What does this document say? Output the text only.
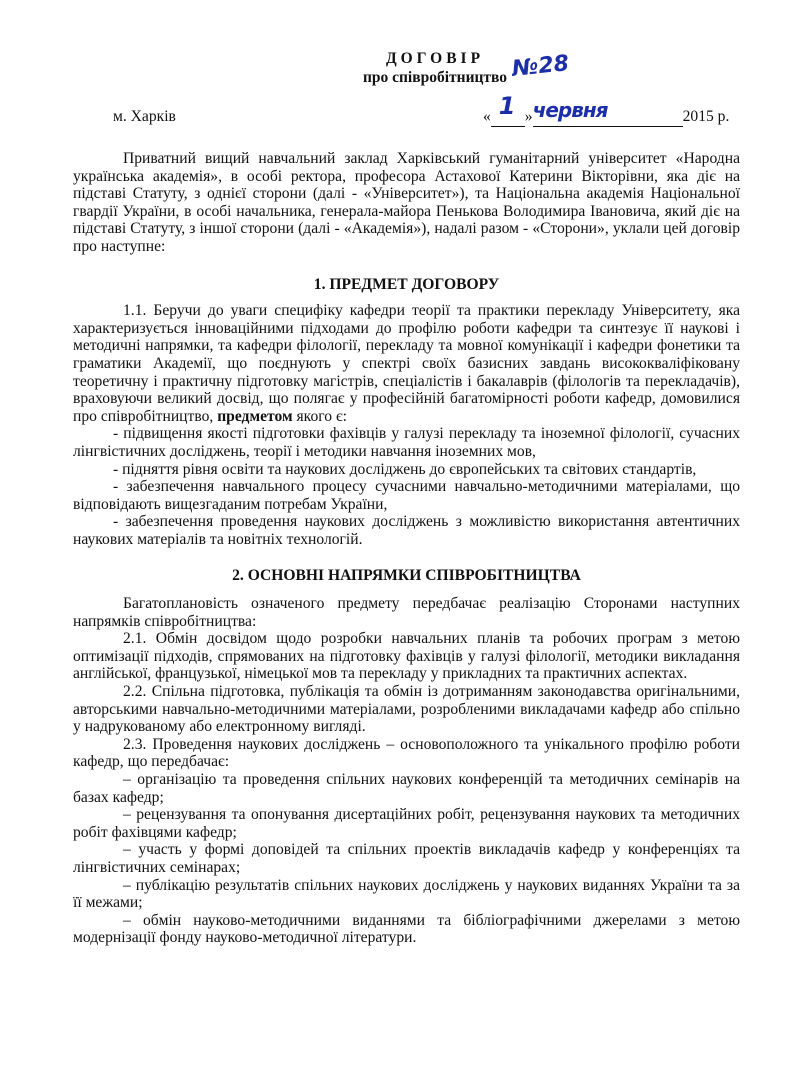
ДОГОВІР
про співробітництво №28
м. Харків	« 1 » червня	2015 р.

Приватний вищий навчальний заклад Харківський гуманітарний університет «Народна українська академія», в особі ректора, професора Астахової Катерини Вікторівни, яка діє на підставі Статуту, з однієї сторони (далі - «Університет»), та Національна академія Національної гвардії України, в особі начальника, генерала-майора Пенькова Володимира Івановича, який діє на підставі Статуту, з іншої сторони (далі - «Академія»), надалі разом - «Сторони», уклали цей договір про наступне:

1. ПРЕДМЕТ ДОГОВОРУ

1.1. Беручи до уваги специфіку кафедри теорії та практики перекладу Університету, яка характеризується інноваційними підходами до профілю роботи кафедри та синтезує її наукові і методичні напрямки, та кафедри філології, перекладу та мовної комунікації і кафедри фонетики та граматики Академії, що поєднують у спектрі своїх базисних завдань висококваліфіковану теоретичну і практичну підготовку магістрів, спеціалістів і бакалаврів (філологів та перекладачів), враховуючи великий досвід, що полягає у професійній багатомірності роботи кафедр, домовилися про співробітництво, предметом якого є:

- підвищення якості підготовки фахівців у галузі перекладу та іноземної філології, сучасних лінгвістичних досліджень, теорії і методики навчання іноземних мов,

- підняття рівня освіти та наукових досліджень до європейських та світових стандартів,

- забезпечення навчального процесу сучасними навчально-методичними матеріалами, що відповідають вищезгаданим потребам України,

- забезпечення проведення наукових досліджень з можливістю використання автентичних наукових матеріалів та новітніх технологій.

2. ОСНОВНІ НАПРЯМКИ СПІВРОБІТНИЦТВА

Багатоплановість означеного предмету передбачає реалізацію Сторонами наступних напрямків співробітництва:

2.1. Обмін досвідом щодо розробки навчальних планів та робочих програм з метою оптимізації підходів, спрямованих на підготовку фахівців у галузі філології, методики викладання англійської, французької, німецької мов та перекладу у прикладних та практичних аспектах.

2.2. Спільна підготовка, публікація та обмін із дотриманням законодавства оригінальними, авторськими навчально-методичними матеріалами, розробленими викладачами кафедр або спільно у надрукованому або електронному вигляді.

2.3. Проведення наукових досліджень – основоположного та унікального профілю роботи кафедр, що передбачає:

– організацію та проведення спільних наукових конференцій та методичних семінарів на базах кафедр;

– рецензування та опонування дисертаційних робіт, рецензування наукових та методичних робіт фахівцями кафедр;

– участь у формі доповідей та спільних проектів викладачів кафедр у конференціях та лінгвістичних семінарах;

– публікацію результатів спільних наукових досліджень у наукових виданнях України та за її межами;

– обмін науково-методичними виданнями та бібліографічними джерелами з метою модернізації фонду науково-методичної літератури.
